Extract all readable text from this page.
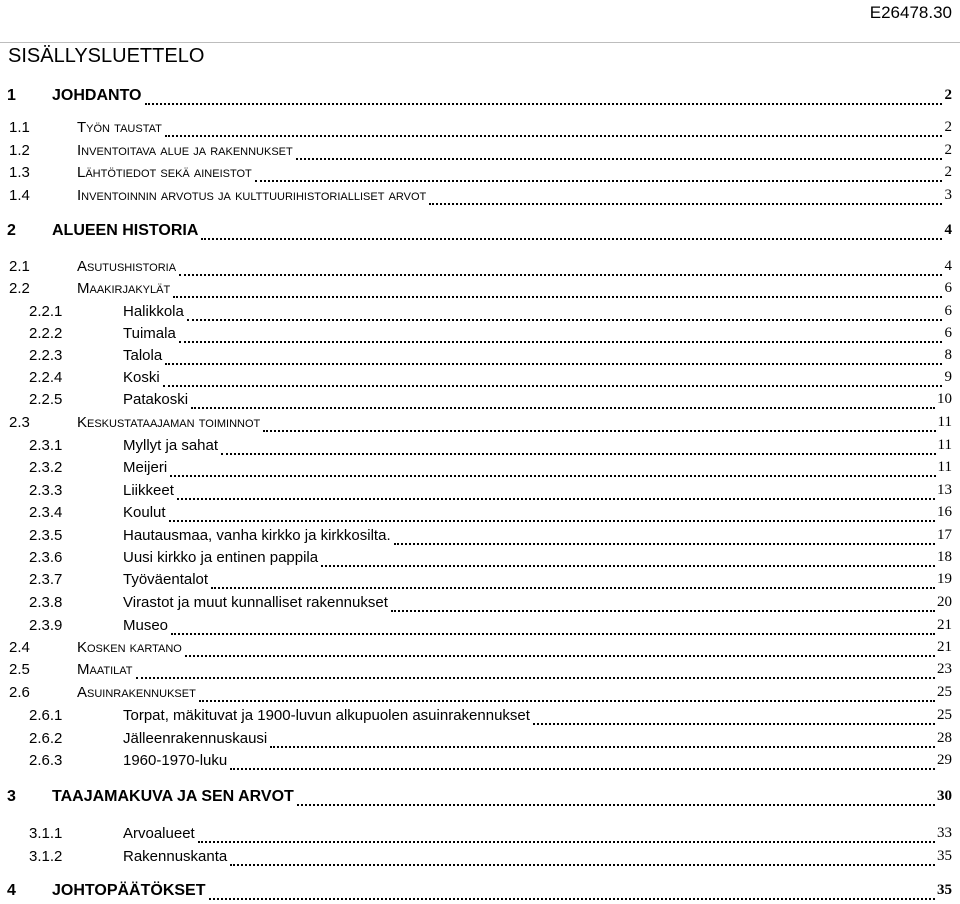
E26478.30
SISÄLLYSLUETTELO
1 JOHDANTO	2
1.1	Työn taustat	2
1.2	Inventoitava alue ja rakennukset	2
1.3	Lähtötiedot sekä aineistot	2
1.4	Inventoinnin arvotus ja kulttuurihistorialliset arvot	3
2 ALUEEN HISTORIA	4
2.1	Asutushistoria	4
2.2	Maakirjakylät	6
2.2.1	Halikkola	6
2.2.2	Tuimala	6
2.2.3	Talola	8
2.2.4	Koski	9
2.2.5	Patakoski	10
2.3	Keskustataajaman toiminnot	11
2.3.1	Myllyt ja sahat	11
2.3.2	Meijeri	11
2.3.3	Liikkeet	13
2.3.4	Koulut	16
2.3.5	Hautausmaa, vanha kirkko ja kirkkosilta.	17
2.3.6	Uusi kirkko ja entinen pappila	18
2.3.7	Työväentalot	19
2.3.8	Virastot ja muut kunnalliset rakennukset	20
2.3.9	Museo	21
2.4	Kosken kartano	21
2.5	Maatilat	23
2.6	Asuinrakennukset	25
2.6.1	Torpat, mäkituvat ja 1900-luvun alkupuolen asuinrakennukset	25
2.6.2	Jälleenrakennuskausi	28
2.6.3	1960-1970-luku	29
3 TAAJAMAKUVA JA SEN ARVOT	30
3.1.1	Arvoalueet	33
3.1.2	Rakennuskanta	35
4 JOHTOPÄÄTÖKSET	35
